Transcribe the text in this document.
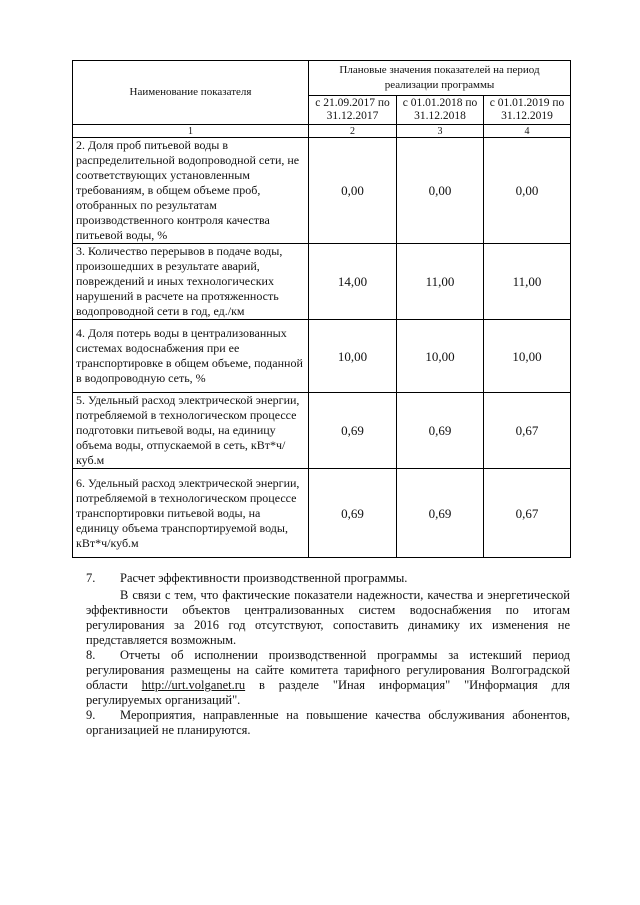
Наименование показателя	Плановые значения показателей на период реализации программы		
	с 21.09.2017 по 31.12.2017	с 01.01.2018 по 31.12.2018	с 01.01.2019 по 31.12.2019
1	2	3	4
2. Доля проб питьевой воды в распределительной водопроводной сети, не соответствующих установленным требованиям, в общем объеме проб, отобранных по результатам производственного контроля качества питьевой воды, %	0,00	0,00	0,00
3. Количество перерывов в подаче воды, произошедших в результате аварий, повреждений и иных технологических нарушений в расчете на протяженность водопроводной сети в год, ед./км	14,00	11,00	11,00
4. Доля потерь воды в централизованных системах водоснабжения при ее транспортировке в общем объеме, поданной в водопроводную сеть, %	10,00	10,00	10,00
5. Удельный расход электрической энергии, потребляемой в технологическом процессе подготовки питьевой воды, на единицу объема воды, отпускаемой в сеть, кВт*ч/куб.м	0,69	0,69	0,67
6. Удельный расход электрической энергии, потребляемой в технологическом процессе транспортировки питьевой воды, на единицу объема транспортируемой воды, кВт*ч/куб.м	0,69	0,69	0,67
7. Расчет эффективности производственной программы.
В связи с тем, что фактические показатели надежности, качества и энергетической эффективности объектов централизованных систем водоснабжения по итогам регулирования за 2016 год отсутствуют, сопоставить динамику их изменения не представляется возможным.
8. Отчеты об исполнении производственной программы за истекший период регулирования размещены на сайте комитета тарифного регулирования Волгоградской области http://urt.volganet.ru в разделе "Иная информация" "Информация для регулируемых организаций".
9. Мероприятия, направленные на повышение качества обслуживания абонентов, организацией не планируются.
